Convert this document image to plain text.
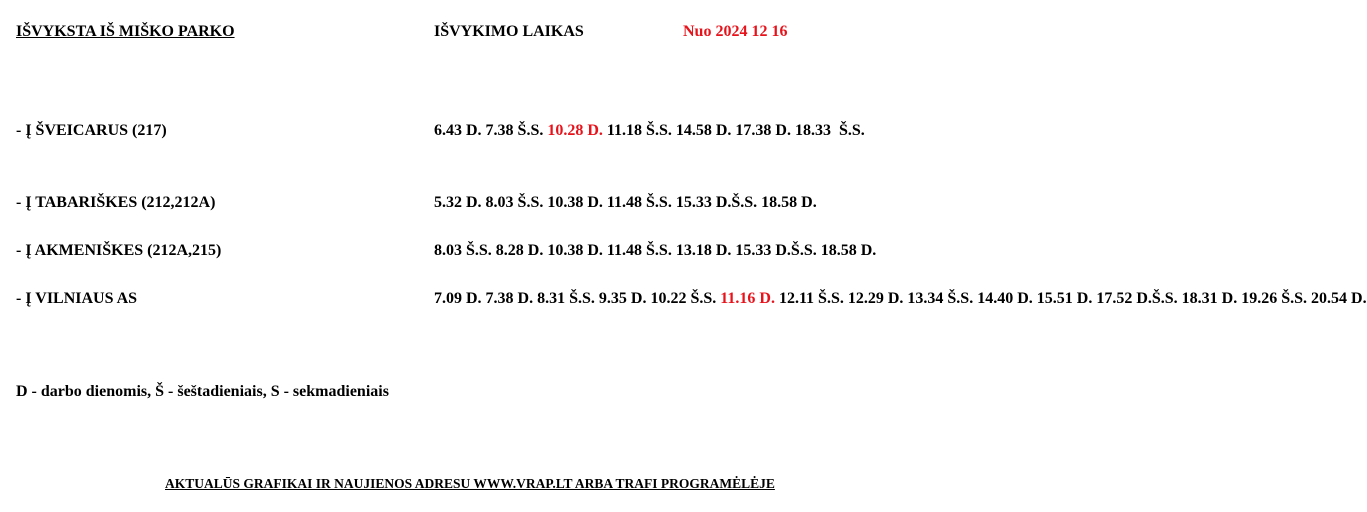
IŠVYKSTA IŠ MIŠKO PARKO	IŠVYKIMO LAIKAS	Nuo 2024 12 16
- Į ŠVEICARUS (217)	6.43 D. 7.38 Š.S. 10.28 D. 11.18 Š.S. 14.58 D. 17.38 D. 18.33  Š.S.
- Į TABARIŠKES (212,212A)	5.32 D. 8.03 Š.S. 10.38 D. 11.48 Š.S. 15.33 D.Š.S. 18.58 D.
- Į AKMENIŠKES (212A,215)	8.03 Š.S. 8.28 D. 10.38 D. 11.48 Š.S. 13.18 D. 15.33 D.Š.S. 18.58 D.
- Į VILNIAUS AS	7.09 D. 7.38 D. 8.31 Š.S. 9.35 D. 10.22 Š.S. 11.16 D. 12.11 Š.S. 12.29 D. 13.34 Š.S. 14.40 D. 15.51 D. 17.52 D.Š.S. 18.31 D. 19.26 Š.S. 20.54 D.
D - darbo dienomis, Š - šeštadieniais, S - sekmadieniais
AKTUALŪS GRAFIKAI IR NAUJIENOS ADRESU WWW.VRAP.LT ARBA TRAFI PROGRAMĖLĖJE
